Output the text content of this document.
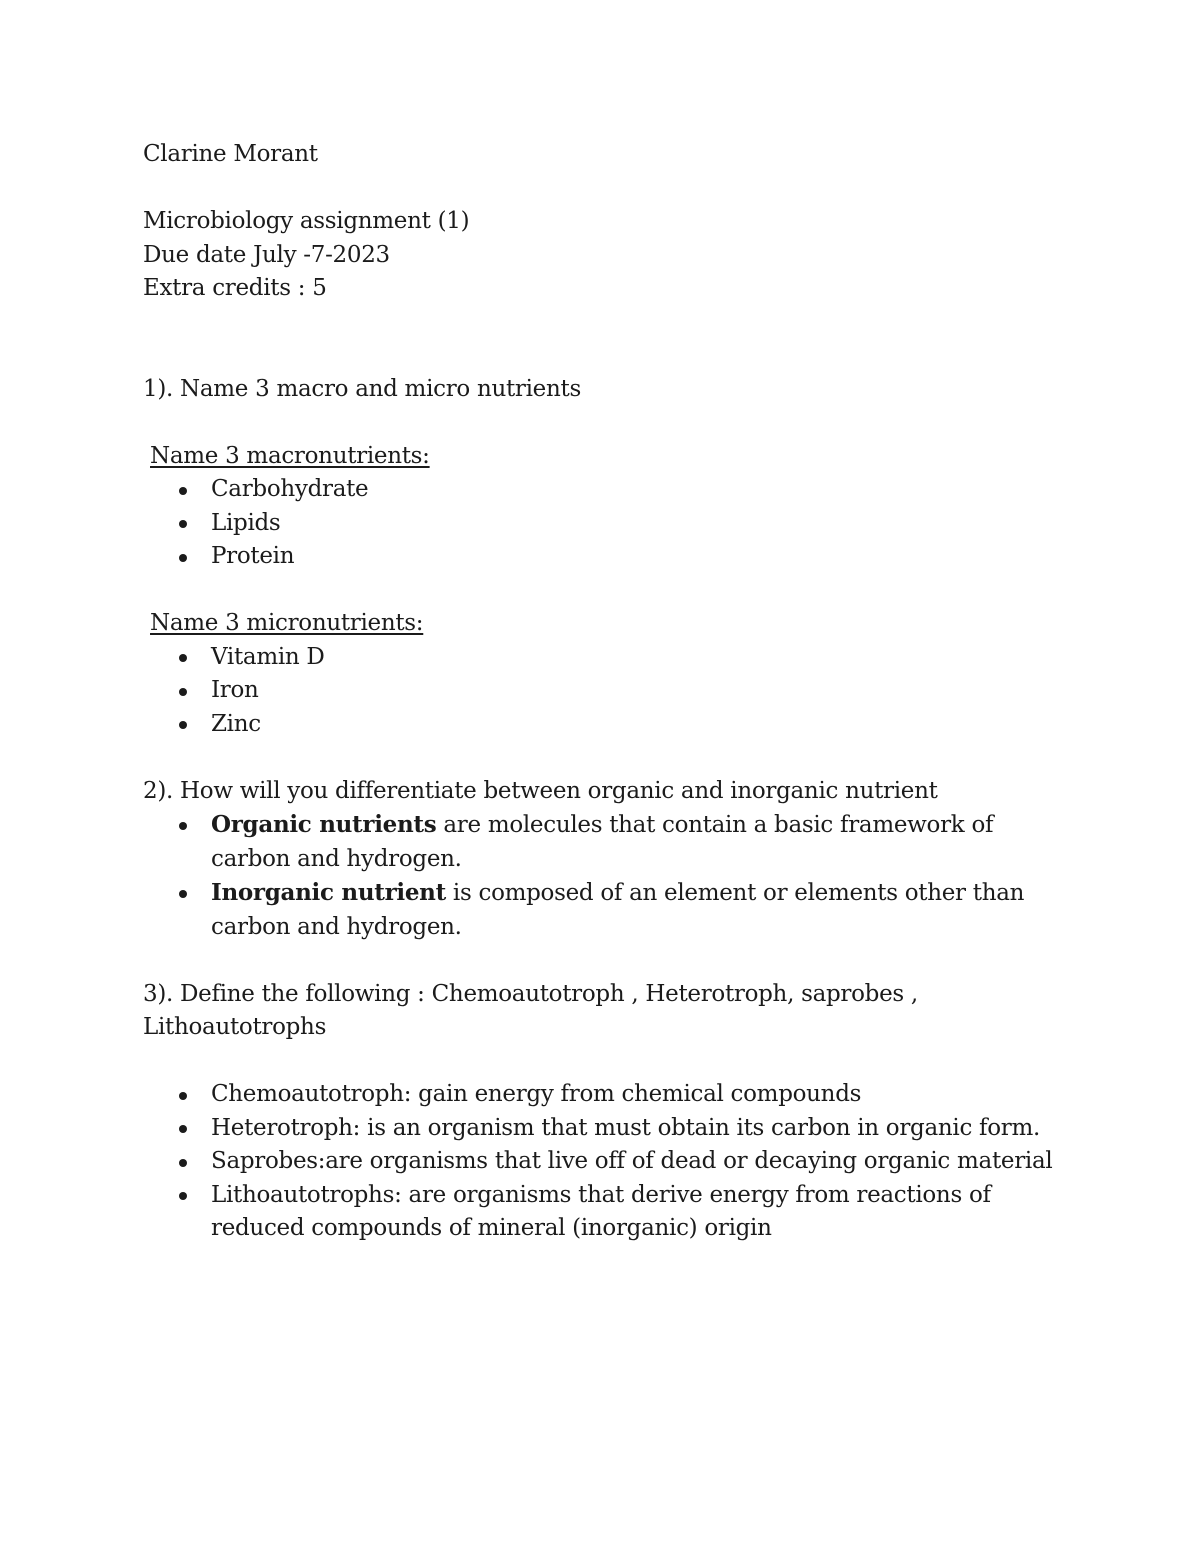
Clarine Morant

Microbiology assignment (1)

Due date July -7-2023

Extra credits : 5

1). Name 3 macro and micro nutrients

Name 3 macronutrients:

Carbohydrate
Lipids
Protein

Name 3 micronutrients:

Vitamin D
Iron
Zinc

2). How will you differentiate between organic and inorganic nutrient

Organic nutrients are molecules that contain a basic framework of carbon and hydrogen.
Inorganic nutrient is composed of an element or elements other than carbon and hydrogen.

3). Define the following : Chemoautotroph , Heterotroph, saprobes , Lithoautotrophs

Chemoautotroph: gain energy from chemical compounds
Heterotroph: is an organism that must obtain its carbon in organic form.
Saprobes:are organisms that live off of dead or decaying organic material
Lithoautotrophs: are organisms that derive energy from reactions of reduced compounds of mineral (inorganic) origin
